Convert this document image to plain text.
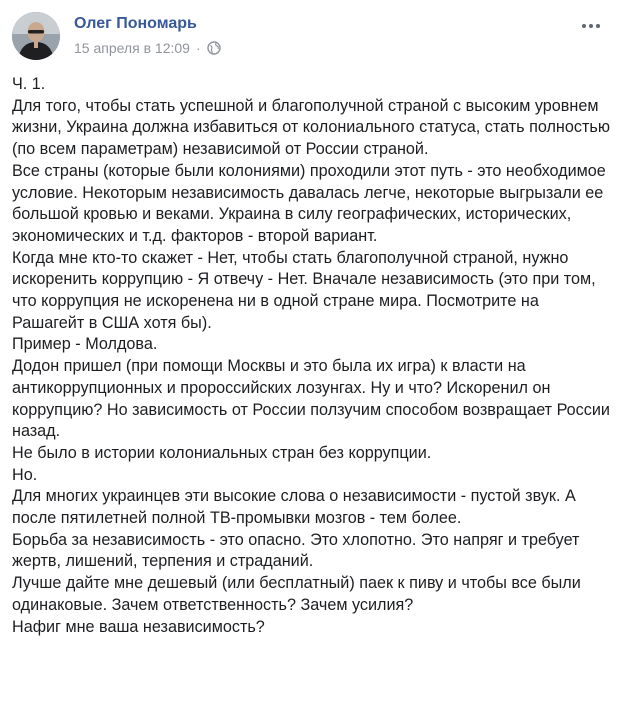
Олег Пономарь
15 апреля в 12:09 ·

Ч. 1.

Для того, чтобы стать успешной и благополучной страной с высоким уровнем жизни, Украина должна избавиться от колониального статуса, стать полностью (по всем параметрам) независимой от России страной.

Все страны (которые были колониями) проходили этот путь - это необходимое условие. Некоторым независимость давалась легче, некоторые выгрызали ее большой кровью и веками. Украина в силу географических, исторических, экономических и т.д. факторов - второй вариант.

Когда мне кто-то скажет - Нет, чтобы стать благополучной страной, нужно искоренить коррупцию - Я отвечу - Нет. Вначале независимость (это при том, что коррупция не искоренена ни в одной стране мира. Посмотрите на Рашагейт в США хотя бы).

Пример - Молдова.

Додон пришел (при помощи Москвы и это была их игра) к власти на антикоррупционных и пророссийских лозунгах. Ну и что? Искоренил он коррупцию? Но зависимость от России ползучим способом возвращает России назад.

Не было в истории колониальных стран без коррупции.

Но.

Для многих украинцев эти высокие слова о независимости - пустой звук. А после пятилетней полной ТВ-промывки мозгов - тем более.

Борьба за независимость - это опасно. Это хлопотно. Это напряг и требует жертв, лишений, терпения и страданий.

Лучше дайте мне дешевый (или бесплатный) паек к пиву и чтобы все были одинаковые. Зачем ответственность? Зачем усилия?

Нафиг мне ваша независимость?
